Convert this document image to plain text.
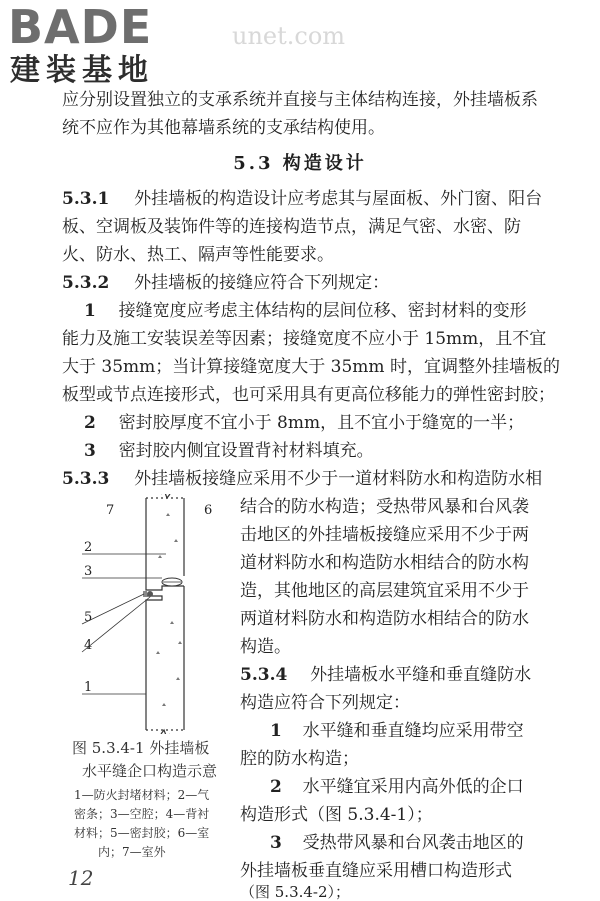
BADE
建装基地
unet.com
应分别设置独立的支承系统并直接与主体结构连接，外挂墙板系
统不应作为其他幕墙系统的支承结构使用。
5.3 构造设计
5.3.1 外挂墙板的构造设计应考虑其与屋面板、外门窗、阳台
板、空调板及装饰件等的连接构造节点，满足气密、水密、防
火、防水、热工、隔声等性能要求。
5.3.2 外挂墙板的接缝应符合下列规定：
1 接缝宽度应考虑主体结构的层间位移、密封材料的变形
能力及施工安装误差等因素；接缝宽度不应小于 15mm，且不宜
大于 35mm；当计算接缝宽度大于 35mm 时，宜调整外挂墙板的
板型或节点连接形式，也可采用具有更高位移能力的弹性密封胶；
2 密封胶厚度不宜小于 8mm，且不宜小于缝宽的一半；
3 密封胶内侧宜设置背衬材料填充。
5.3.3 外挂墙板接缝应采用不少于一道材料防水和构造防水相
结合的防水构造；受热带风暴和台风袭
击地区的外挂墙板接缝应采用不少于两
道材料防水和构造防水相结合的防水构
造，其他地区的高层建筑宜采用不少于
两道材料防水和构造防水相结合的防水
构造。
5.3.4 外挂墙板水平缝和垂直缝防水
构造应符合下列规定：
1 水平缝和垂直缝均应采用带空
腔的防水构造；
2 水平缝宜采用内高外低的企口
构造形式（图 5.3.4-1）；
3 受热带风暴和台风袭击地区的
外挂墙板垂直缝应采用槽口构造形式
（图 5.3.4-2）；
7	6
2
3
5
4
1
图 5.3.4-1 外挂墙板
水平缝企口构造示意
1—防火封堵材料；2—气
密条；3—空腔；4—背衬
材料；5—密封胶；6—室
内；7—室外
12
